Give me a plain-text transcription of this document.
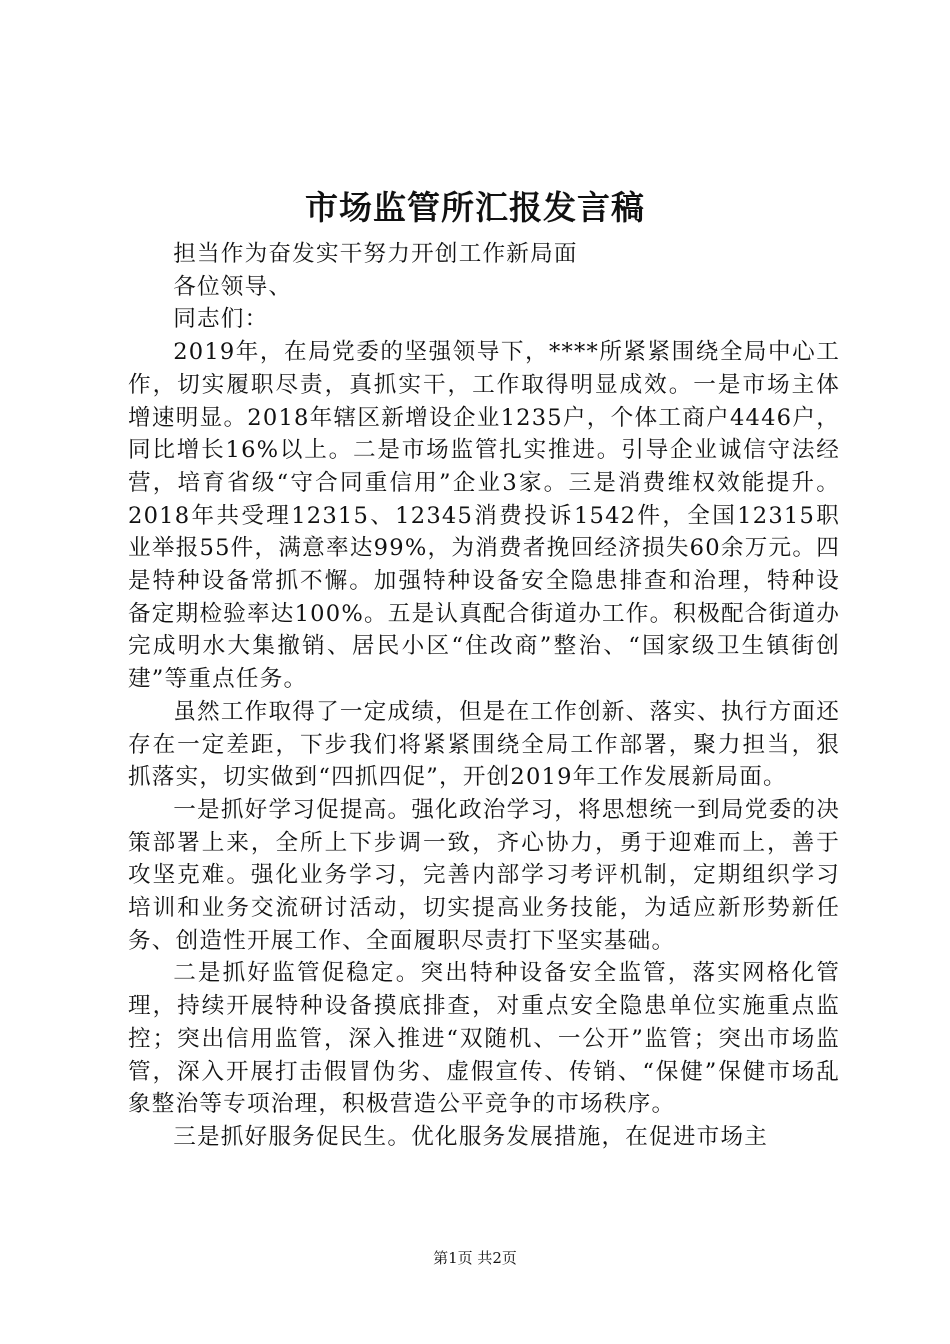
市场监管所汇报发言稿

担当作为奋发实干努力开创工作新局面

各位领导、

同志们：

2019年，在局党委的坚强领导下，****所紧紧围绕全局中心工作，切实履职尽责，真抓实干，工作取得明显成效。一是市场主体增速明显。2018年辖区新增设企业1235户，个体工商户4446户，同比增长16%以上。二是市场监管扎实推进。引导企业诚信守法经营，培育省级“守合同重信用”企业3家。三是消费维权效能提升。2018年共受理12315、12345消费投诉1542件，全国12315职业举报55件，满意率达99%，为消费者挽回经济损失60余万元。四是特种设备常抓不懈。加强特种设备安全隐患排查和治理，特种设备定期检验率达100%。五是认真配合街道办工作。积极配合街道办完成明水大集撤销、居民小区“住改商”整治、“国家级卫生镇街创建”等重点任务。

虽然工作取得了一定成绩，但是在工作创新、落实、执行方面还存在一定差距，下步我们将紧紧围绕全局工作部署，聚力担当，狠抓落实，切实做到“四抓四促”，开创2019年工作发展新局面。

一是抓好学习促提高。强化政治学习，将思想统一到局党委的决策部署上来，全所上下步调一致，齐心协力，勇于迎难而上，善于攻坚克难。强化业务学习，完善内部学习考评机制，定期组织学习培训和业务交流研讨活动，切实提高业务技能，为适应新形势新任务、创造性开展工作、全面履职尽责打下坚实基础。

二是抓好监管促稳定。突出特种设备安全监管，落实网格化管理，持续开展特种设备摸底排查，对重点安全隐患单位实施重点监控；突出信用监管，深入推进“双随机、一公开”监管；突出市场监管，深入开展打击假冒伪劣、虚假宣传、传销、“保健”保健市场乱象整治等专项治理，积极营造公平竞争的市场秩序。

三是抓好服务促民生。优化服务发展措施，在促进市场主

第1页 共2页
